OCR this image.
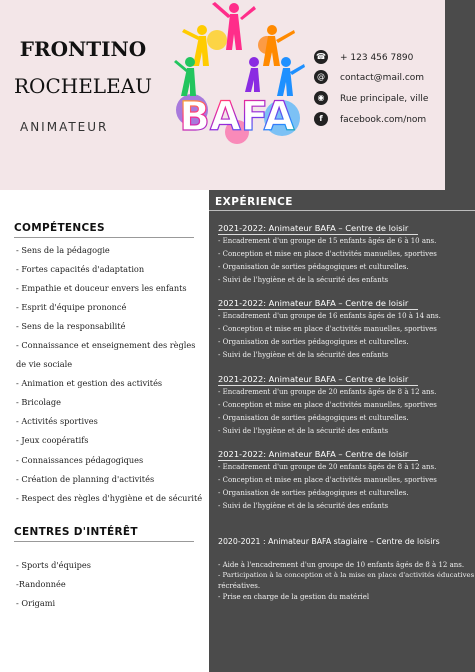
FRONTINO
ROCHELEAU
ANIMATEUR BAFA
☎ + 123 456 7890
@	contact@mail.com
◉	Rue principale, ville
f	facebook.com/nom
COMPÉTENCES
- Sens de la pédagogie
- Fortes capacités d'adaptation
- Empathie et douceur envers les enfants
- Esprit d'équipe prononcé
- Sens de la responsabilité
- Connaissance et enseignement des règles
de vie sociale
- Animation et gestion des activités
- Bricolage
- Activités sportives
- Jeux coopératifs
- Connaissances pédagogiques
- Création de planning d'activités
- Respect des règles d'hygiène et de sécurité
CENTRES D'INTÉRÊT
- Sports d'équipes
-Randonnée
- Origami
EXPÉRIENCE
2021-2022: Animateur BAFA – Centre de loisir
- Encadrement d'un groupe de 15 enfants âgés de 6 à 10 ans.
- Conception et mise en place d'activités manuelles, sportives
- Organisation de sorties pédagogiques et culturelles.
- Suivi de l'hygiène et de la sécurité des enfants
2021-2022: Animateur BAFA – Centre de loisir
- Encadrement d'un groupe de 16 enfants âgés de 10 à 14 ans.
- Conception et mise en place d'activités manuelles, sportives
- Organisation de sorties pédagogiques et culturelles.
- Suivi de l'hygiène et de la sécurité des enfants
2021-2022: Animateur BAFA – Centre de loisir
- Encadrement d'un groupe de 20 enfants âgés de 8 à 12 ans.
- Conception et mise en place d'activités manuelles, sportives
- Organisation de sorties pédagogiques et culturelles.
- Suivi de l'hygiène et de la sécurité des enfants
2021-2022: Animateur BAFA – Centre de loisir
- Encadrement d'un groupe de 20 enfants âgés de 8 à 12 ans.
- Conception et mise en place d'activités manuelles, sportives
- Organisation de sorties pédagogiques et culturelles.
- Suivi de l'hygiène et de la sécurité des enfants
2020-2021 : Animateur BAFA stagiaire – Centre de loisirs
- Aide à l'encadrement d'un groupe de 10 enfants âgés de 8 à 12 ans.
- Participation à la conception et à la mise en place d'activités éducatives
récréatives.
- Prise en charge de la gestion du matériel
